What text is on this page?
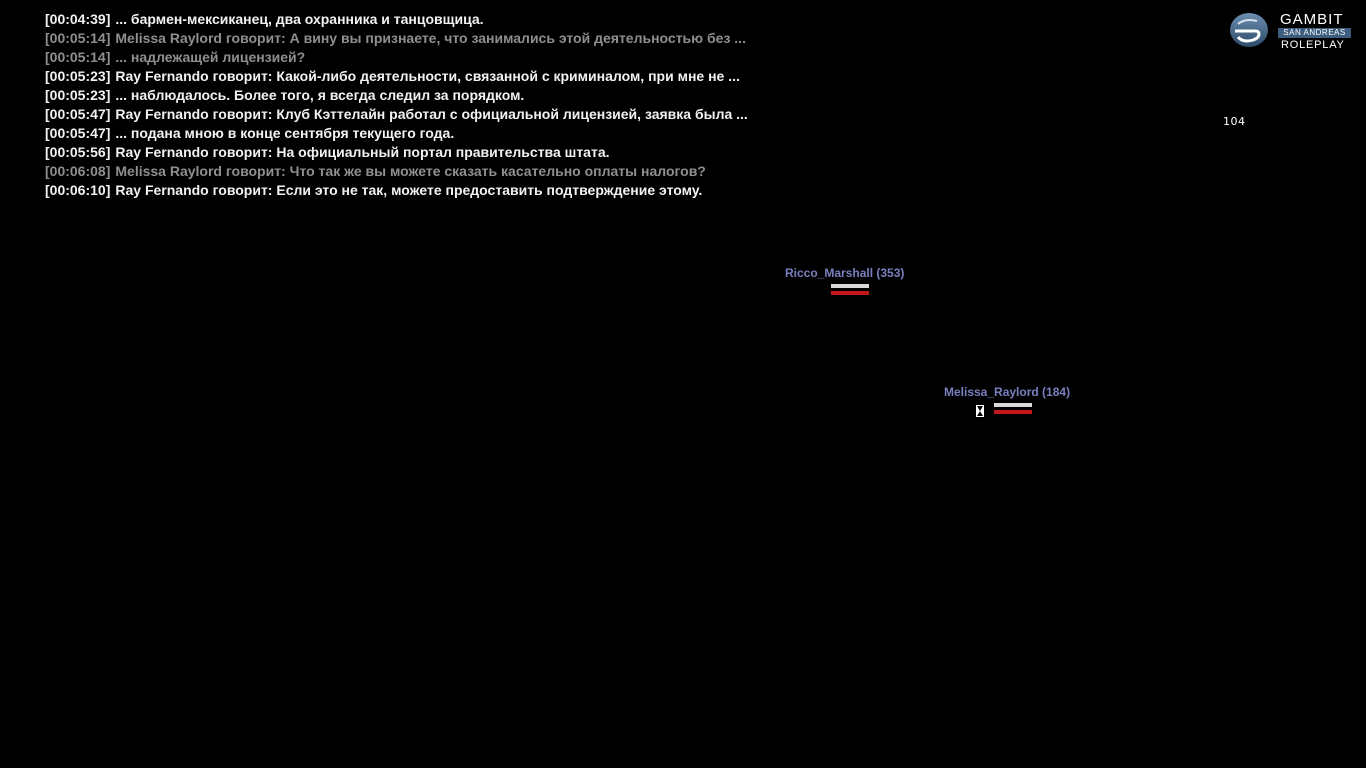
[00:04:39] ... бармен-мексиканец, два охранника и танцовщица.
[00:05:14] Melissa Raylord говорит: А вину вы признаете, что занимались этой деятельностью без ...
[00:05:14] ... надлежащей лицензией?
[00:05:23] Ray Fernando говорит: Какой-либо деятельности, связанной с криминалом, при мне не ...
[00:05:23] ... наблюдалось. Более того, я всегда следил за порядком.
[00:05:47] Ray Fernando говорит: Клуб Кэттелайн работал с официальной лицензией, заявка была ...
[00:05:47] ... подана мною в конце сентября текущего года.
[00:05:56] Ray Fernando говорит: На официальный портал правительства штата.
[00:06:08] Melissa Raylord говорит: Что так же вы можете сказать касательно оплаты налогов?
[00:06:10] Ray Fernando говорит: Если это не так, можете предоставить подтверждение этому.
GAMBIT
SAN ANDREAS
ROLEPLAY
104
Ricco_Marshall (353)
Melissa_Raylord (184)
